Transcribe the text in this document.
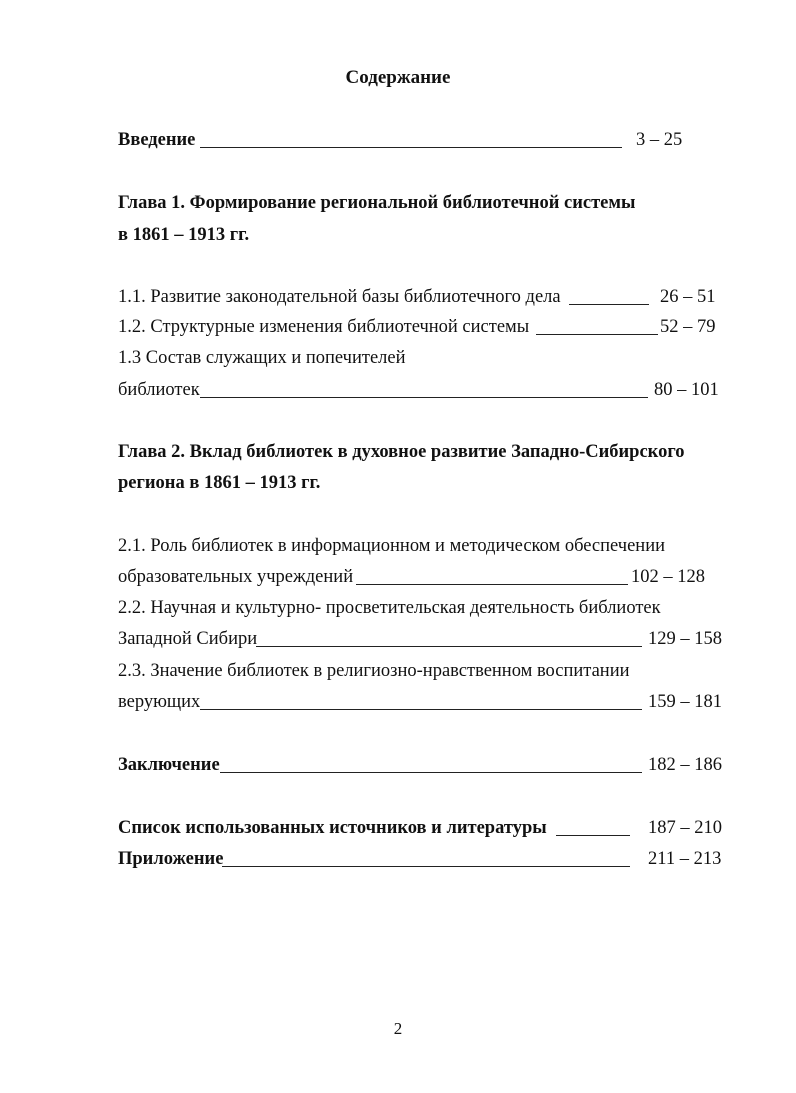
Содержание
Введение	3 – 25
Глава 1. Формирование региональной библиотечной системы
в 1861 – 1913 гг.
1.1. Развитие законодательной базы библиотечного дела	26 – 51
1.2. Структурные изменения библиотечной системы	52 – 79
1.3 Состав служащих и попечителей
библиотек	80 – 101
Глава 2. Вклад библиотек в духовное развитие Западно-Сибирского
региона в 1861 – 1913 гг.
2.1. Роль библиотек в информационном и методическом обеспечении
образовательных учреждений	102 – 128
2.2. Научная и культурно- просветительская деятельность библиотек
Западной Сибири	129 – 158
2.3. Значение библиотек в религиозно-нравственном воспитании
верующих	159 – 181
Заключение	182 – 186
Список использованных источников и литературы	187 – 210
Приложение	211 – 213
2
